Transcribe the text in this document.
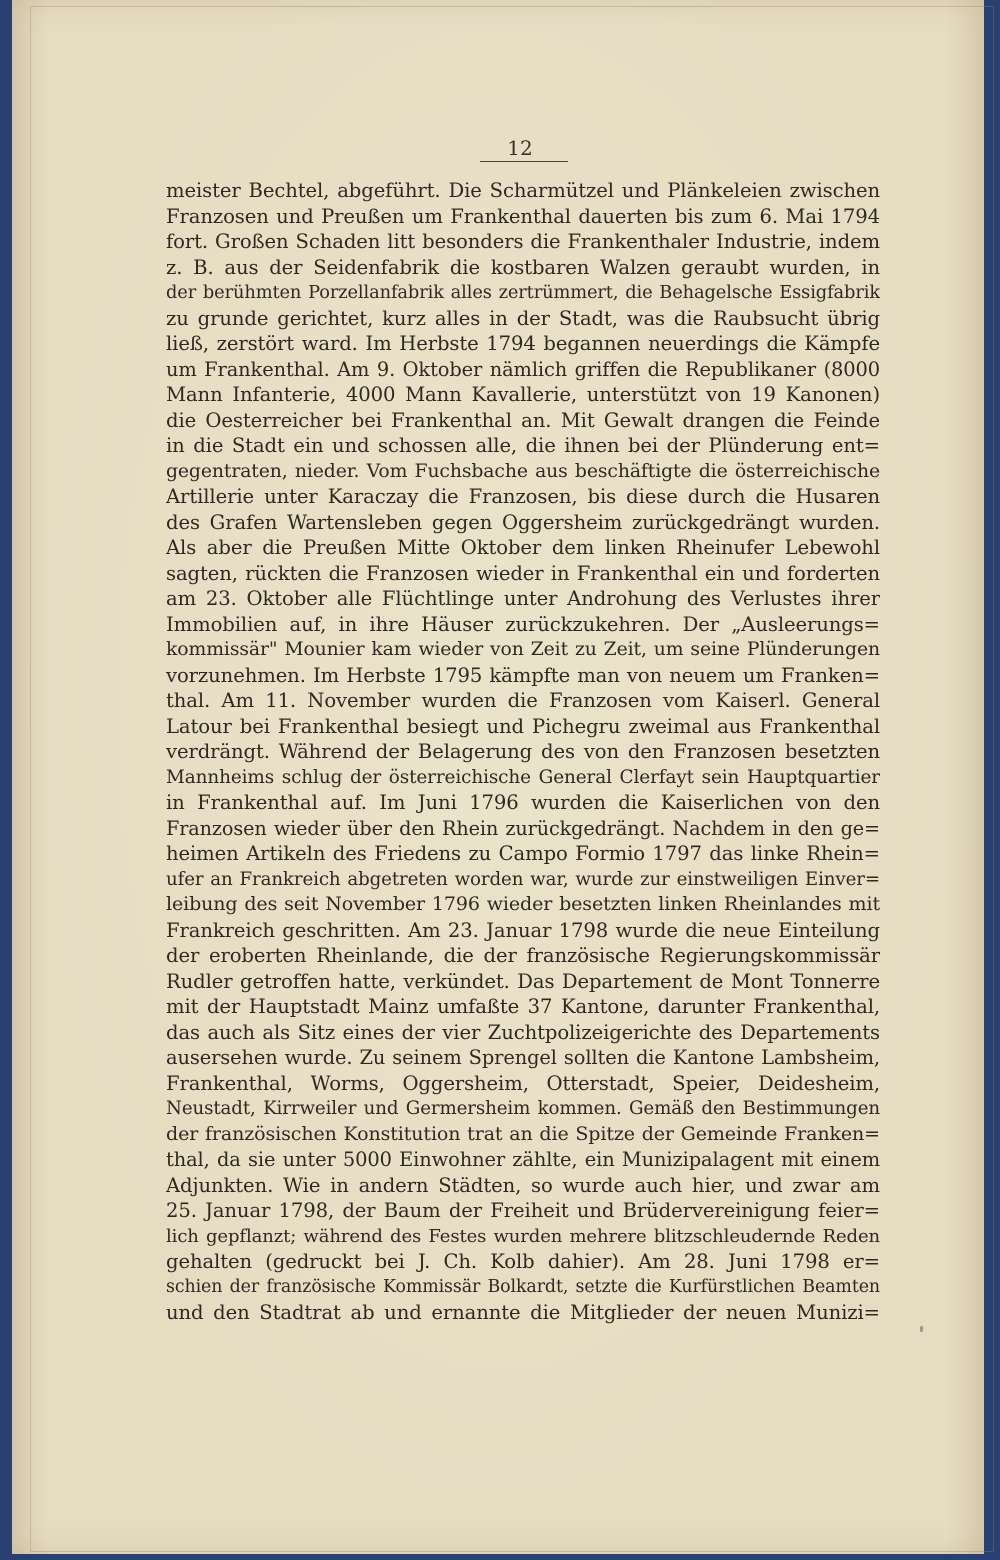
12
meister Bechtel, abgeführt. Die Scharmützel und Plänkeleien zwischen
Franzosen und Preußen um Frankenthal dauerten bis zum 6. Mai 1794
fort. Großen Schaden litt besonders die Frankenthaler Industrie, indem
z. B. aus der Seidenfabrik die kostbaren Walzen geraubt wurden, in
der berühmten Porzellanfabrik alles zertrümmert, die Behagelsche Essigfabrik
zu grunde gerichtet, kurz alles in der Stadt, was die Raubsucht übrig
ließ, zerstört ward. Im Herbste 1794 begannen neuerdings die Kämpfe
um Frankenthal. Am 9. Oktober nämlich griffen die Republikaner (8000
Mann Infanterie, 4000 Mann Kavallerie, unterstützt von 19 Kanonen)
die Oesterreicher bei Frankenthal an. Mit Gewalt drangen die Feinde
in die Stadt ein und schossen alle, die ihnen bei der Plünderung ent=
gegentraten, nieder. Vom Fuchsbache aus beschäftigte die österreichische
Artillerie unter Karaczay die Franzosen, bis diese durch die Husaren
des Grafen Wartensleben gegen Oggersheim zurückgedrängt wurden.
Als aber die Preußen Mitte Oktober dem linken Rheinufer Lebewohl
sagten, rückten die Franzosen wieder in Frankenthal ein und forderten
am 23. Oktober alle Flüchtlinge unter Androhung des Verlustes ihrer
Immobilien auf, in ihre Häuser zurückzukehren. Der „Ausleerungs=
kommissär" Mounier kam wieder von Zeit zu Zeit, um seine Plünderungen
vorzunehmen. Im Herbste 1795 kämpfte man von neuem um Franken=
thal. Am 11. November wurden die Franzosen vom Kaiserl. General
Latour bei Frankenthal besiegt und Pichegru zweimal aus Frankenthal
verdrängt. Während der Belagerung des von den Franzosen besetzten
Mannheims schlug der österreichische General Clerfayt sein Hauptquartier
in Frankenthal auf. Im Juni 1796 wurden die Kaiserlichen von den
Franzosen wieder über den Rhein zurückgedrängt. Nachdem in den ge=
heimen Artikeln des Friedens zu Campo Formio 1797 das linke Rhein=
ufer an Frankreich abgetreten worden war, wurde zur einstweiligen Einver=
leibung des seit November 1796 wieder besetzten linken Rheinlandes mit
Frankreich geschritten. Am 23. Januar 1798 wurde die neue Einteilung
der eroberten Rheinlande, die der französische Regierungskommissär
Rudler getroffen hatte, verkündet. Das Departement de Mont Tonnerre
mit der Hauptstadt Mainz umfaßte 37 Kantone, darunter Frankenthal,
das auch als Sitz eines der vier Zuchtpolizeigerichte des Departements
ausersehen wurde. Zu seinem Sprengel sollten die Kantone Lambsheim,
Frankenthal, Worms, Oggersheim, Otterstadt, Speier, Deidesheim,
Neustadt, Kirrweiler und Germersheim kommen. Gemäß den Bestimmungen
der französischen Konstitution trat an die Spitze der Gemeinde Franken=
thal, da sie unter 5000 Einwohner zählte, ein Munizipalagent mit einem
Adjunkten. Wie in andern Städten, so wurde auch hier, und zwar am
25. Januar 1798, der Baum der Freiheit und Brüdervereinigung feier=
lich gepflanzt; während des Festes wurden mehrere blitzschleudernde Reden
gehalten (gedruckt bei J. Ch. Kolb dahier). Am 28. Juni 1798 er=
schien der französische Kommissär Bolkardt, setzte die Kurfürstlichen Beamten
und den Stadtrat ab und ernannte die Mitglieder der neuen Munizi=
